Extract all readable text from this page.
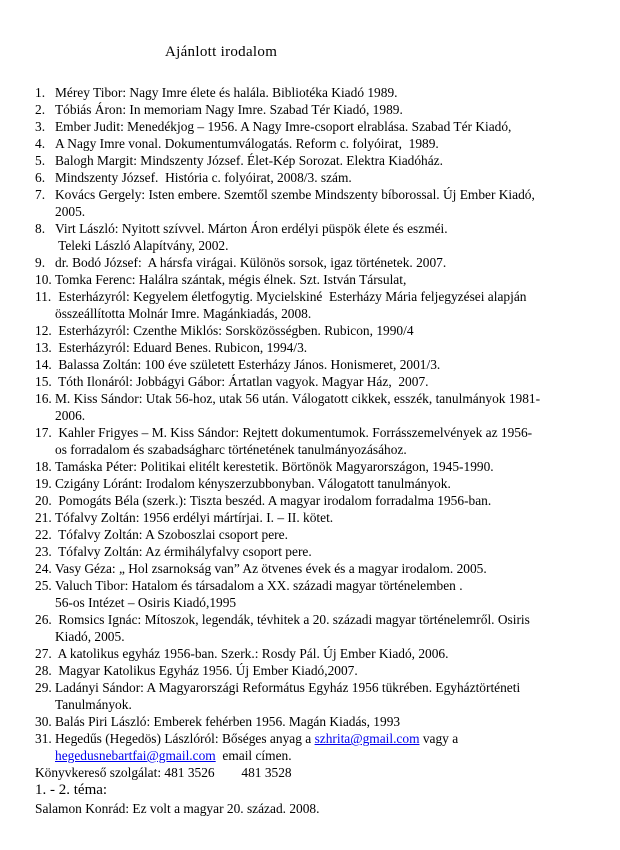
Ajánlott irodalom
1. Mérey Tibor: Nagy Imre élete és halála. Bibliotéka Kiadó 1989.
2. Tóbiás Áron: In memoriam Nagy Imre. Szabad Tér Kiadó, 1989.
3. Ember Judit: Menedékjog – 1956. A Nagy Imre-csoport elrablása. Szabad Tér Kiadó,
4. A Nagy Imre vonal. Dokumentumválogatás. Reform c. folyóirat,  1989.
5. Balogh Margit: Mindszenty József. Élet-Kép Sorozat. Elektra Kiadóház.
6. Mindszenty József.  História c. folyóirat, 2008/3. szám.
7. Kovács Gergely: Isten embere. Szemtől szembe Mindszenty bíborossal. Új Ember Kiadó,
2005.
8. Virt László: Nyitott szívvel. Márton Áron erdélyi püspök élete és eszméi.
Teleki László Alapítvány, 2002.
9. dr. Bodó József:  A hársfa virágai. Különös sorsok, igaz történetek. 2007.
10. Tomka Ferenc: Halálra szántak, mégis élnek. Szt. István Társulat,
11. Esterházyról: Kegyelem életfogytig. Mycielskiné  Esterházy Mária feljegyzései alapján
összeállította Molnár Imre. Magánkiadás, 2008.
12. Esterházyról: Czenthe Miklós: Sorsközösségben. Rubicon, 1990/4
13. Esterházyról: Eduard Benes. Rubicon, 1994/3.
14. Balassa Zoltán: 100 éve született Esterházy János. Honismeret, 2001/3.
15. Tóth Ilonáról: Jobbágyi Gábor: Ártatlan vagyok. Magyar Ház,  2007.
16. M. Kiss Sándor: Utak 56-hoz, utak 56 után. Válogatott cikkek, esszék, tanulmányok 1981-
2006.
17. Kahler Frigyes – M. Kiss Sándor: Rejtett dokumentumok. Forrásszemelvények az 1956-
os forradalom és szabadságharc történetének tanulmányozásához.
18. Tamáska Péter: Politikai elitélt kerestetik. Börtönök Magyarországon, 1945-1990.
19. Czigány Lóránt: Irodalom kényszerzubbonyban. Válogatott tanulmányok.
20. Pomogáts Béla (szerk.): Tiszta beszéd. A magyar irodalom forradalma 1956-ban.
21. Tófalvy Zoltán: 1956 erdélyi mártírjai. I. – II. kötet.
22. Tófalvy Zoltán: A Szoboszlai csoport pere.
23. Tófalvy Zoltán: Az érmihályfalvy csoport pere.
24. Vasy Géza: „ Hol zsarnokság van” Az ötvenes évek és a magyar irodalom. 2005.
25. Valuch Tibor: Hatalom és társadalom a XX. századi magyar történelemben .
56-os Intézet – Osiris Kiadó,1995
26. Romsics Ignác: Mítoszok, legendák, tévhitek a 20. századi magyar történelemről. Osiris
Kiadó, 2005.
27. A katolikus egyház 1956-ban. Szerk.: Rosdy Pál. Új Ember Kiadó, 2006.
28. Magyar Katolikus Egyház 1956. Új Ember Kiadó,2007.
29. Ladányi Sándor: A Magyarországi Református Egyház 1956 tükrében. Egyháztörténeti
Tanulmányok.
30. Balás Piri László: Emberek fehérben 1956. Magán Kiadás, 1993
31. Hegedűs (Hegedös) Lászlóról: Bőséges anyag a szhrita@gmail.com vagy a
hegedusnebartfai@gmail.com  email címen.
Könyvkereső szolgálat: 481 3526        481 3528
1. - 2. téma:
Salamon Konrád: Ez volt a magyar 20. század. 2008.
